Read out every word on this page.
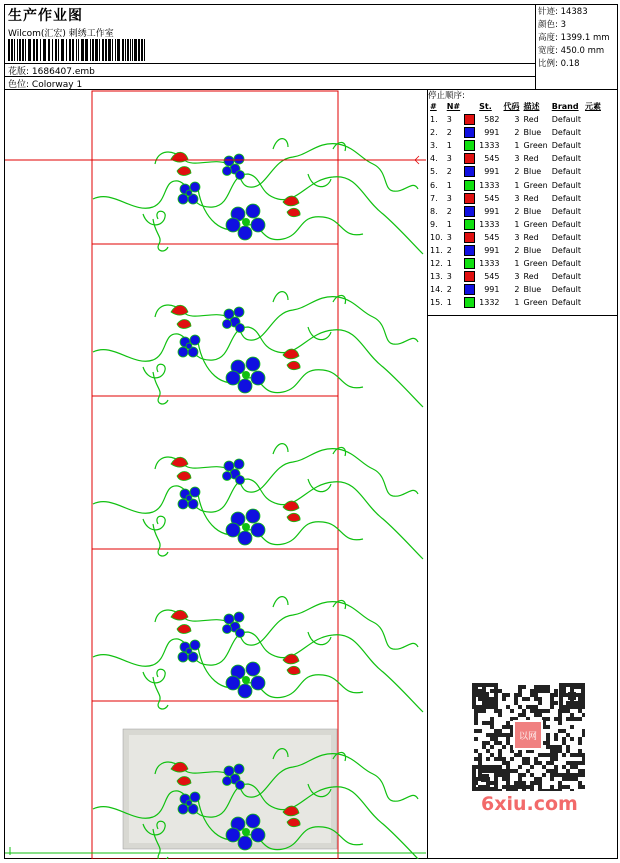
生产作业图
Wilcom(汇宏) 刺绣工作室
花版: 1686407.emb
色位: Colorway 1
针迹: 14383
颜色: 3
高度: 1399.1 mm
宽度: 450.0 mm
比例: 0.18
停止顺序:
#	N#		St.	代码	描述	Brand	元素
1.	3		582	3	Red	Default	
2.	2		991	2	Blue	Default	
3.	1		1333	1	Green	Default	
4.	3		545	3	Red	Default	
5.	2		991	2	Blue	Default	
6.	1		1333	1	Green	Default	
7.	3		545	3	Red	Default	
8.	2		991	2	Blue	Default	
9.	1		1333	1	Green	Default	
10.	3		545	3	Red	Default	
11.	2		991	2	Blue	Default	
12.	1		1333	1	Green	Default	
13.	3		545	3	Red	Default	
14.	2		991	2	Blue	Default	
15.	1		1332	1	Green	Default	
以网
6xiu.com
